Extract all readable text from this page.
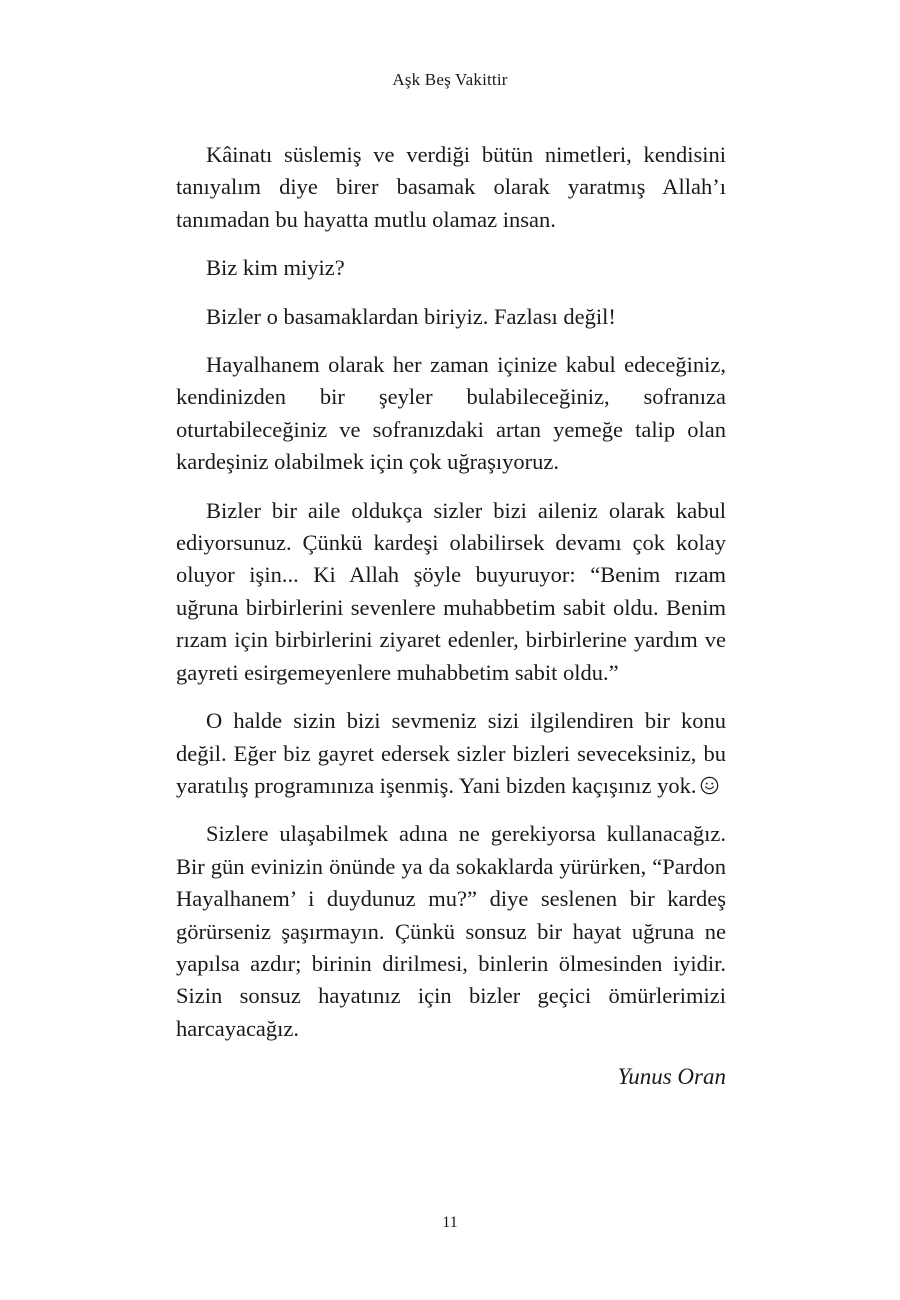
Aşk Beş Vakittir

Kâinatı süslemiş ve verdiği bütün nimetleri, kendisini tanıyalım diye birer basamak olarak yaratmış Allah’ı tanımadan bu hayatta mutlu olamaz insan.

Biz kim miyiz?

Bizler o basamaklardan biriyiz. Fazlası değil!

Hayalhanem olarak her zaman içinize kabul edeceğiniz, kendinizden bir şeyler bulabileceğiniz, sofranıza oturtabileceğiniz ve sofranızdaki artan yemeğe talip olan kardeşiniz olabilmek için çok uğraşıyoruz.

Bizler bir aile oldukça sizler bizi aileniz olarak kabul ediyorsunuz. Çünkü kardeşi olabilirsek devamı çok kolay oluyor işin... Ki Allah şöyle buyuruyor: “Benim rızam uğruna birbirlerini sevenlere muhabbetim sabit oldu. Benim rızam için birbirlerini ziyaret edenler, birbirlerine yardım ve gayreti esirgemeyenlere muhabbetim sabit oldu.”

O halde sizin bizi sevmeniz sizi ilgilendiren bir konu değil. Eğer biz gayret edersek sizler bizleri seveceksiniz, bu yaratılış programınıza işenmiş. Yani bizden kaçışınız yok.

Sizlere ulaşabilmek adına ne gerekiyorsa kullanacağız. Bir gün evinizin önünde ya da sokaklarda yürürken, “Pardon Hayalhanem’ i duydunuz mu?” diye seslenen bir kardeş görürseniz şaşırmayın. Çünkü sonsuz bir hayat uğruna ne yapılsa azdır; birinin dirilmesi, binlerin ölmesinden iyidir. Sizin sonsuz hayatınız için bizler geçici ömürlerimizi harcayacağız.

Yunus Oran
11
